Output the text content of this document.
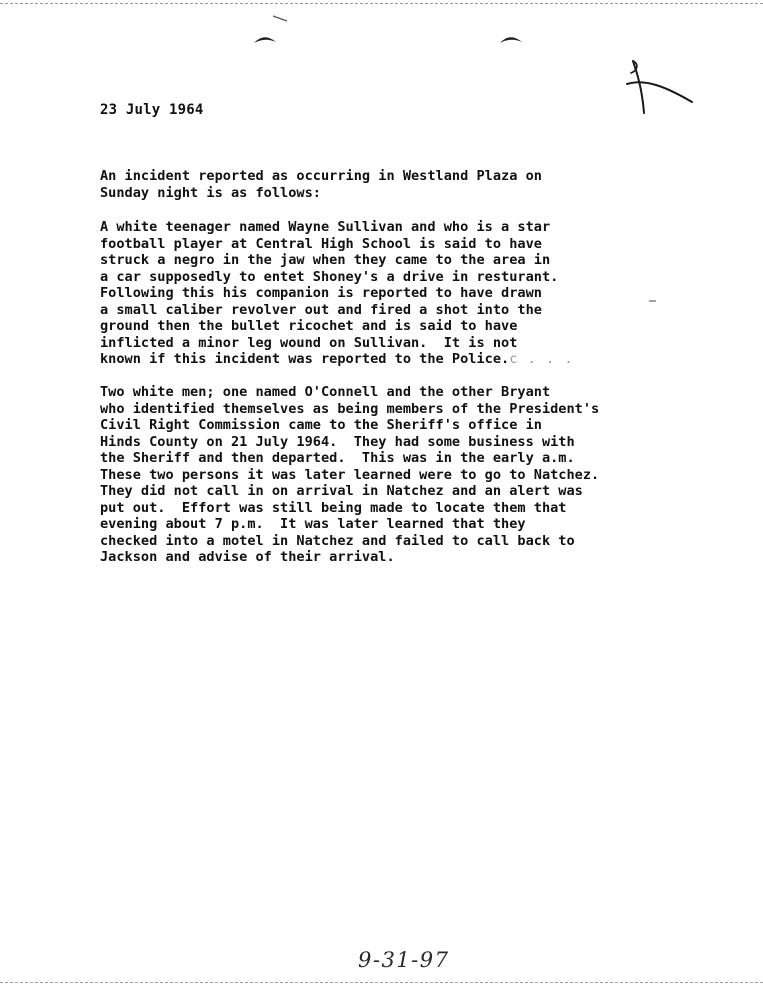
23 July 1964

An incident reported as occurring in Westland Plaza on
Sunday night is as follows:

A white teenager named Wayne Sullivan and who is a star
football player at Central High School is said to have
struck a negro in the jaw when they came to the area in
a car supposedly to entet Shoney's a drive in resturant.
Following this his companion is reported to have drawn
a small caliber revolver out and fired a shot into the
ground then the bullet ricochet and is said to have
inflicted a minor leg wound on Sullivan.  It is not
known if this incident was reported to the Police.c . . .

Two white men; one named O'Connell and the other Bryant
who identified themselves as being members of the President's
Civil Right Commission came to the Sheriff's office in
Hinds County on 21 July 1964.  They had some business with
the Sheriff and then departed.  This was in the early a.m.
These two persons it was later learned were to go to Natchez.
They did not call in on arrival in Natchez and an alert was
put out.  Effort was still being made to locate them that
evening about 7 p.m.  It was later learned that they
checked into a motel in Natchez and failed to call back to
Jackson and advise of their arrival.

9-31-97
